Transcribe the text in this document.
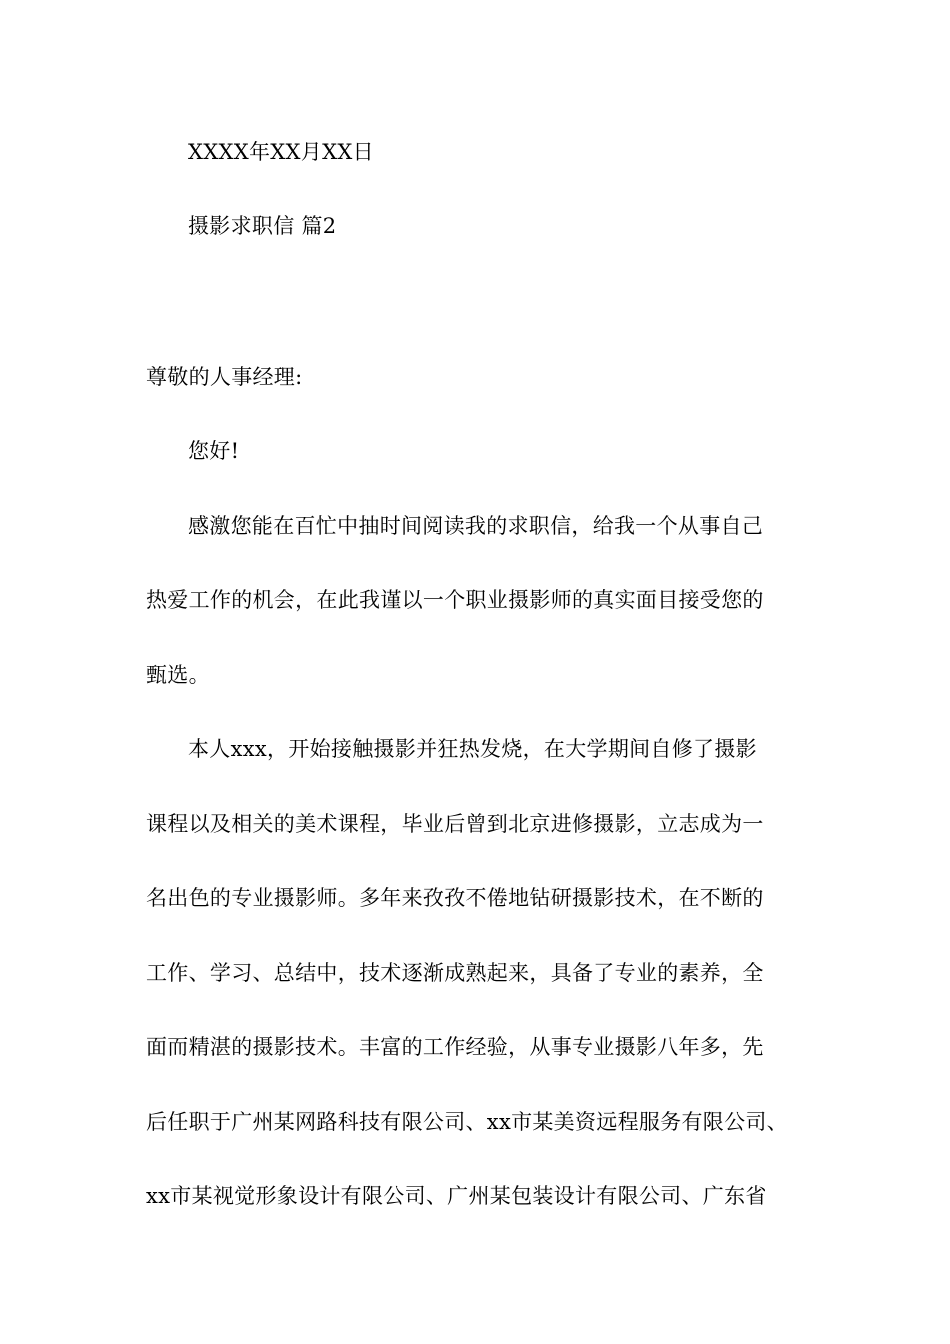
XXXX年XX月XX日
摄影求职信 篇2
尊敬的人事经理:
您好!
感激您能在百忙中抽时间阅读我的求职信，给我一个从事自己
热爱工作的机会，在此我谨以一个职业摄影师的真实面目接受您的
甄选。
本人xxx，开始接触摄影并狂热发烧，在大学期间自修了摄影
课程以及相关的美术课程，毕业后曾到北京进修摄影，立志成为一
名出色的专业摄影师。多年来孜孜不倦地钻研摄影技术，在不断的
工作、学习、总结中，技术逐渐成熟起来，具备了专业的素养，全
面而精湛的摄影技术。丰富的工作经验，从事专业摄影八年多，先
后任职于广州某网路科技有限公司、xx市某美资远程服务有限公司、
xx市某视觉形象设计有限公司、广州某包装设计有限公司、广东省
